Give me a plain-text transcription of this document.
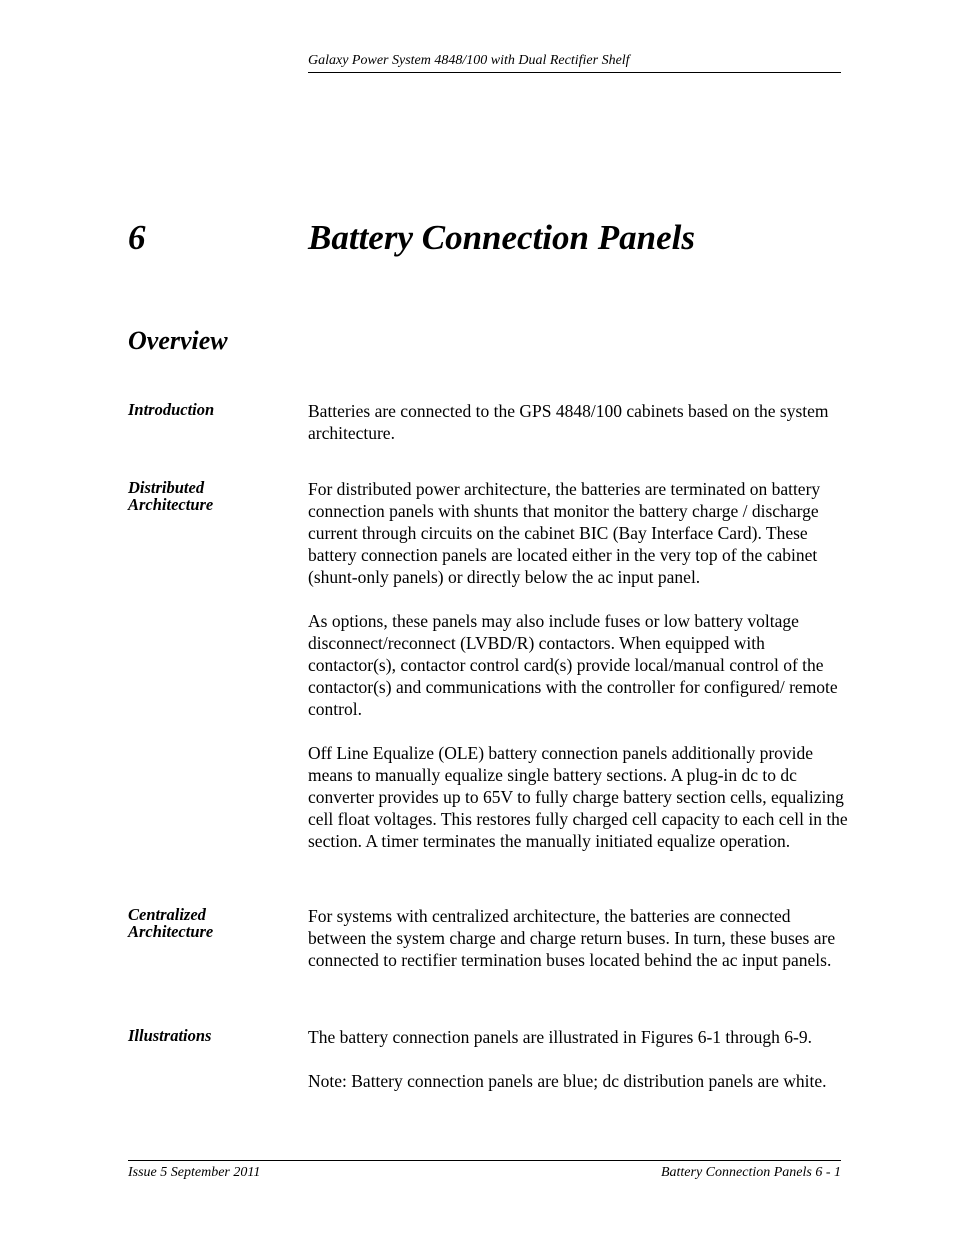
Galaxy Power System 4848/100 with Dual Rectifier Shelf
6	Battery Connection Panels
Overview
Introduction	Batteries are connected to the GPS 4848/100 cabinets based on the system architecture.

Distributed
Architecture

For distributed power architecture, the batteries are terminated on battery connection panels with shunts that monitor the battery charge / discharge current through circuits on the cabinet BIC (Bay Interface Card). These battery connection panels are located either in the very top of the cabinet (shunt-only panels) or directly below the ac input panel.

As options, these panels may also include fuses or low battery voltage disconnect/reconnect (LVBD/R) contactors. When equipped with contactor(s), contactor control card(s) provide local/manual control of the contactor(s) and communications with the controller for configured/ remote control.

Off Line Equalize (OLE) battery connection panels additionally provide means to manually equalize single battery sections. A plug-in dc to dc converter provides up to 65V to fully charge battery section cells, equalizing cell float voltages. This restores fully charged cell capacity to each cell in the section. A timer terminates the manually initiated equalize operation.

Centralized
Architecture

For systems with centralized architecture, the batteries are connected between the system charge and charge return buses. In turn, these buses are connected to rectifier termination buses located behind the ac input panels.

Illustrations	The battery connection panels are illustrated in Figures 6-1 through 6-9.

Note: Battery connection panels are blue; dc distribution panels are white.

Issue 5 September 2011	Battery Connection Panels 6 - 1
